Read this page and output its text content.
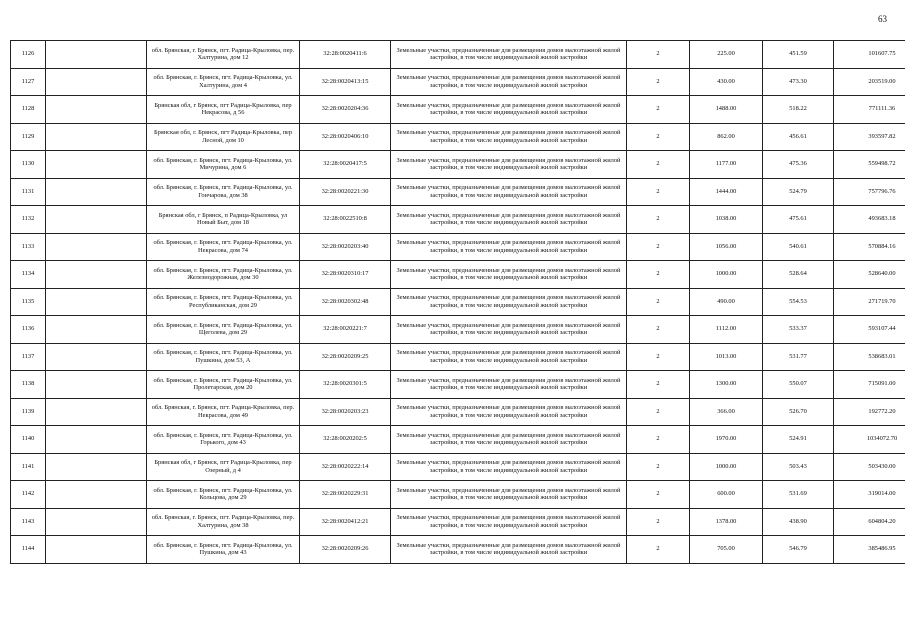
63
1126		обл. Брянская, г. Брянск, пгт. Радица-Крыловка, пер. Халтурина, дом 12	32:28:0020411:6	Земельные участки, предназначенные для размещения домов малоэтажной жилой застройки, в том числе индивидуальной жилой застройки	2	225.00	451.59	101607.75
1127		обл. Брянская, г. Брянск, пгт. Радица-Крыловка, ул. Халтурина, дом 4	32:28:0020413:15	Земельные участки, предназначенные для размещения домов малоэтажной жилой застройки, в том числе индивидуальной жилой застройки	2	430.00	473.30	203519.00
1128		Брянская обл, г Брянск, пгт Радица-Крыловка, пер Некрасова, д 56	32:28:0020204:36	Земельные участки, предназначенные для размещения домов малоэтажной жилой застройки, в том числе индивидуальной жилой застройки	2	1488.00	518.22	771111.36
1129		Брянская обл, г. Брянск, пгт Радица-Крыловка, пер Лесной, дом 10	32:28:0020406:10	Земельные участки, предназначенные для размещения домов малоэтажной жилой застройки, в том числе индивидуальной жилой застройки	2	862.00	456.61	393597.82
1130		обл. Брянская, г. Брянск, пгт. Радица-Крыловка, ул. Мичурина, дом 6	32:28:0020417:5	Земельные участки, предназначенные для размещения домов малоэтажной жилой застройки, в том числе индивидуальной жилой застройки	2	1177.00	475.36	559498.72
1131		обл. Брянская, г. Брянск, пгт. Радица-Крыловка, ул. Гончарова, дом 38	32:28:0020221:30	Земельные участки, предназначенные для размещения домов малоэтажной жилой застройки, в том числе индивидуальной жилой застройки	2	1444.00	524.79	757796.76
1132		Брянская обл, г Брянск, п Радица-Крыловка, ул Новый Быт, дом 18	32:28:0022510:8	Земельные участки, предназначенные для размещения домов малоэтажной жилой застройки, в том числе индивидуальной жилой застройки	2	1038.00	475.61	493683.18
1133		обл. Брянская, г. Брянск, пгт. Радица-Крыловка, ул. Некрасова, дом 74	32:28:0020203:40	Земельные участки, предназначенные для размещения домов малоэтажной жилой застройки, в том числе индивидуальной жилой застройки	2	1056.00	540.61	570884.16
1134		обл. Брянская, г. Брянск, пгт. Радица-Крыловка, ул. Железнодорожная, дом 30	32:28:0020310:17	Земельные участки, предназначенные для размещения домов малоэтажной жилой застройки, в том числе индивидуальной жилой застройки	2	1000.00	528.64	528640.00
1135		обл. Брянская, г. Брянск, пгт. Радица-Крыловка, ул. Республиканская, дом 29	32:28:0020302:48	Земельные участки, предназначенные для размещения домов малоэтажной жилой застройки, в том числе индивидуальной жилой застройки	2	490.00	554.53	271719.70
1136		обл. Брянская, г. Брянск, пгт. Радица-Крыловка, ул. Щеголева, дом 29	32:28:0020221:7	Земельные участки, предназначенные для размещения домов малоэтажной жилой застройки, в том числе индивидуальной жилой застройки	2	1112.00	533.37	593107.44
1137		обл. Брянская, г. Брянск, пгт. Радица-Крыловка, ул. Пушкина, дом 53, А	32:28:0020209:25	Земельные участки, предназначенные для размещения домов малоэтажной жилой застройки, в том числе индивидуальной жилой застройки	2	1013.00	531.77	538683.01
1138		обл. Брянская, г. Брянск, пгт. Радица-Крыловка, ул. Пролетарская, дом 20	32:28:0020301:5	Земельные участки, предназначенные для размещения домов малоэтажной жилой застройки, в том числе индивидуальной жилой застройки	2	1300.00	550.07	715091.00
1139		обл. Брянская, г. Брянск, пгт. Радица-Крыловка, пер. Некрасова, дом 49	32:28:0020203:23	Земельные участки, предназначенные для размещения домов малоэтажной жилой застройки, в том числе индивидуальной жилой застройки	2	366.00	526.70	192772.20
1140		обл. Брянская, г. Брянск, пгт. Радица-Крыловка, ул. Горького, дом 43	32:28:0020202:5	Земельные участки, предназначенные для размещения домов малоэтажной жилой застройки, в том числе индивидуальной жилой застройки	2	1970.00	524.91	1034072.70
1141		Брянская обл, г Брянск, пгт Радица-Крыловка, пер Озерный, д 4	32:28:0020222:14	Земельные участки, предназначенные для размещения домов малоэтажной жилой застройки, в том числе индивидуальной жилой застройки	2	1000.00	503.43	503430.00
1142		обл. Брянская, г. Брянск, пгт. Радица-Крыловка, ул. Кольцова, дом 29	32:28:0020229:31	Земельные участки, предназначенные для размещения домов малоэтажной жилой застройки, в том числе индивидуальной жилой застройки	2	600.00	531.69	319014.00
1143		обл. Брянская, г. Брянск, пгт. Радица-Крыловка, пер. Халтурина, дом 38	32:28:0020412:21	Земельные участки, предназначенные для размещения домов малоэтажной жилой застройки, в том числе индивидуальной жилой застройки	2	1378.00	438.90	604804.20
1144		обл. Брянская, г. Брянск, пгт. Радица-Крыловка, ул. Пушкина, дом 43	32:28:0020209:26	Земельные участки, предназначенные для размещения домов малоэтажной жилой застройки, в том числе индивидуальной жилой застройки	2	705.00	546.79	385486.95
